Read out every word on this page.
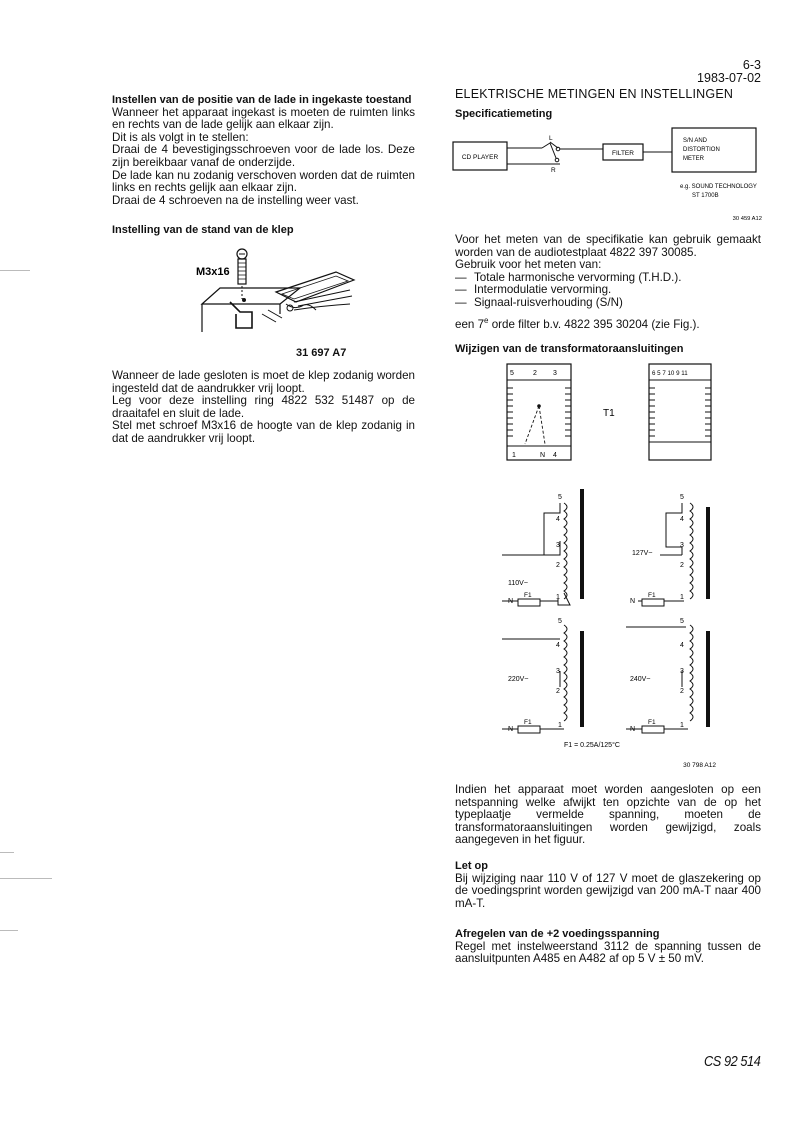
6-3
1983-07-02

Instellen van de positie van de lade in ingekaste toestand

Wanneer het apparaat ingekast is moeten de ruimten links en rechts van de lade gelijk aan elkaar zijn.

Dit is als volgt in te stellen:

Draai de 4 bevestigingsschroeven voor de lade los. Deze zijn bereikbaar vanaf de onderzijde.

De lade kan nu zodanig verschoven worden dat de ruimten links en rechts gelijk aan elkaar zijn.

Draai de 4 schroeven na de instelling weer vast.

Instelling van de stand van de klep

M3x16
31 697 A7

Wanneer de lade gesloten is moet de klep zodanig worden ingesteld dat de aandrukker vrij loopt.

Leg voor deze instelling ring 4822 532 51487 op de draaitafel en sluit de lade.

Stel met schroef M3x16 de hoogte van de klep zodanig in dat de aandrukker vrij loopt.

ELEKTRISCHE METINGEN EN INSTELLINGEN
Specificatiemeting
CD PLAYER
L
R
FILTER
S/N AND
DISTORTION
METER
e.g. SOUND TECHNOLOGY
ST 1700B
30 459 A12

Voor het meten van de specifikatie kan gebruik gemaakt worden van de audiotestplaat 4822 397 30085.

Gebruik voor het meten van:

— Totale harmonische vervorming (T.H.D.).
— Intermodulatie vervorming.
— Signaal-ruisverhouding (S/N)

een 7e orde filter b.v. 4822 395 30204 (zie Fig.).

Wijzigen van de transformatoraansluitingen
5	2 3
1	N 4
T1
6 5 7 10 9 11
5
4
3
2
1
110V~
N
F1
5
4
3
2
1
127V~
N
F1
5
4
3
2
1
220V~
N
F1
5
4
3
2
1
240V~
N
F1
F1 = 0.25A/125°C
30 798 A12

Indien het apparaat moet worden aangesloten op een netspanning welke afwijkt ten opzichte van de op het typeplaatje vermelde spanning, moeten de transformatoraansluitingen worden gewijzigd, zoals aangegeven in het figuur.

Let op

Bij wijziging naar 110 V of 127 V moet de glaszekering op de voedingsprint worden gewijzigd van 200 mA-T naar 400 mA-T.

Afregelen van de +2 voedingsspanning

Regel met instelweerstand 3112 de spanning tussen de aansluitpunten A485 en A482 af op 5 V ± 50 mV.

CS 92 514
